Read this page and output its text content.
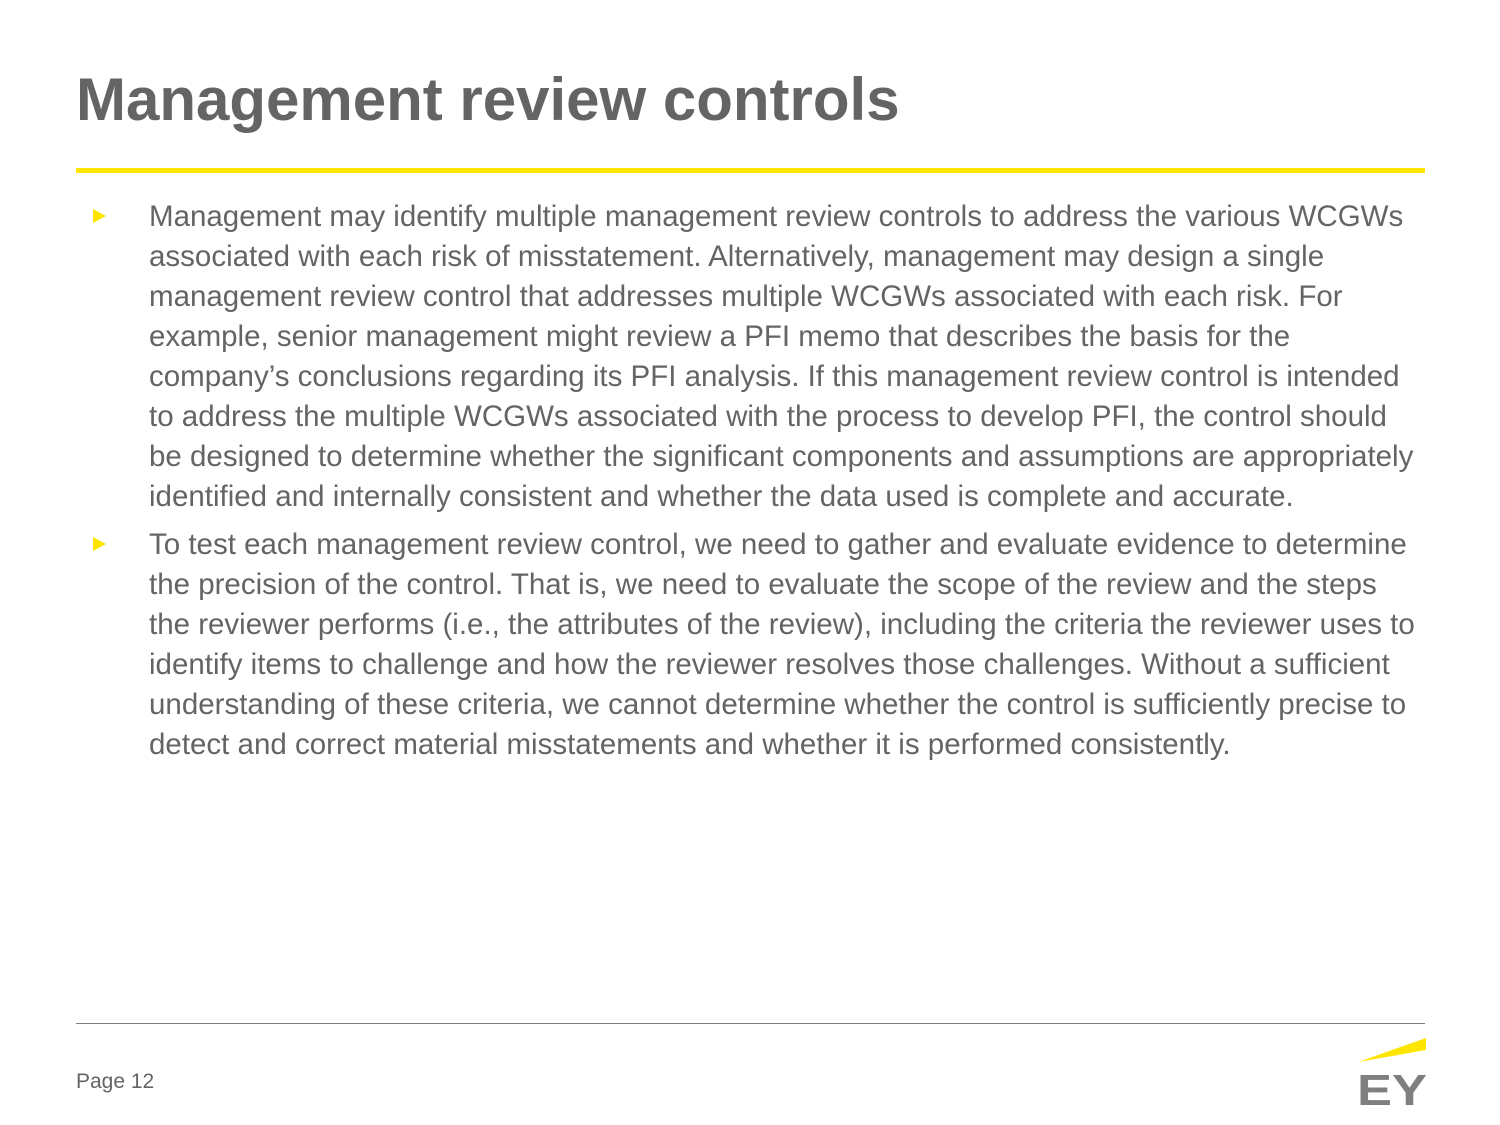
Management review controls
Management may identify multiple management review controls to address the various WCGWs associated with each risk of misstatement. Alternatively, management may design a single management review control that addresses multiple WCGWs associated with each risk. For example, senior management might review a PFI memo that describes the basis for the company’s conclusions regarding its PFI analysis. If this management review control is intended to address the multiple WCGWs associated with the process to develop PFI, the control should be designed to determine whether the significant components and assumptions are appropriately identified and internally consistent and whether the data used is complete and accurate.
To test each management review control, we need to gather and evaluate evidence to determine the precision of the control. That is, we need to evaluate the scope of the review and the steps the reviewer performs (i.e., the attributes of the review), including the criteria the reviewer uses to identify items to challenge and how the reviewer resolves those challenges. Without a sufficient understanding of these criteria, we cannot determine whether the control is sufficiently precise to detect and correct material misstatements and whether it is performed consistently.
Page 12	EY
